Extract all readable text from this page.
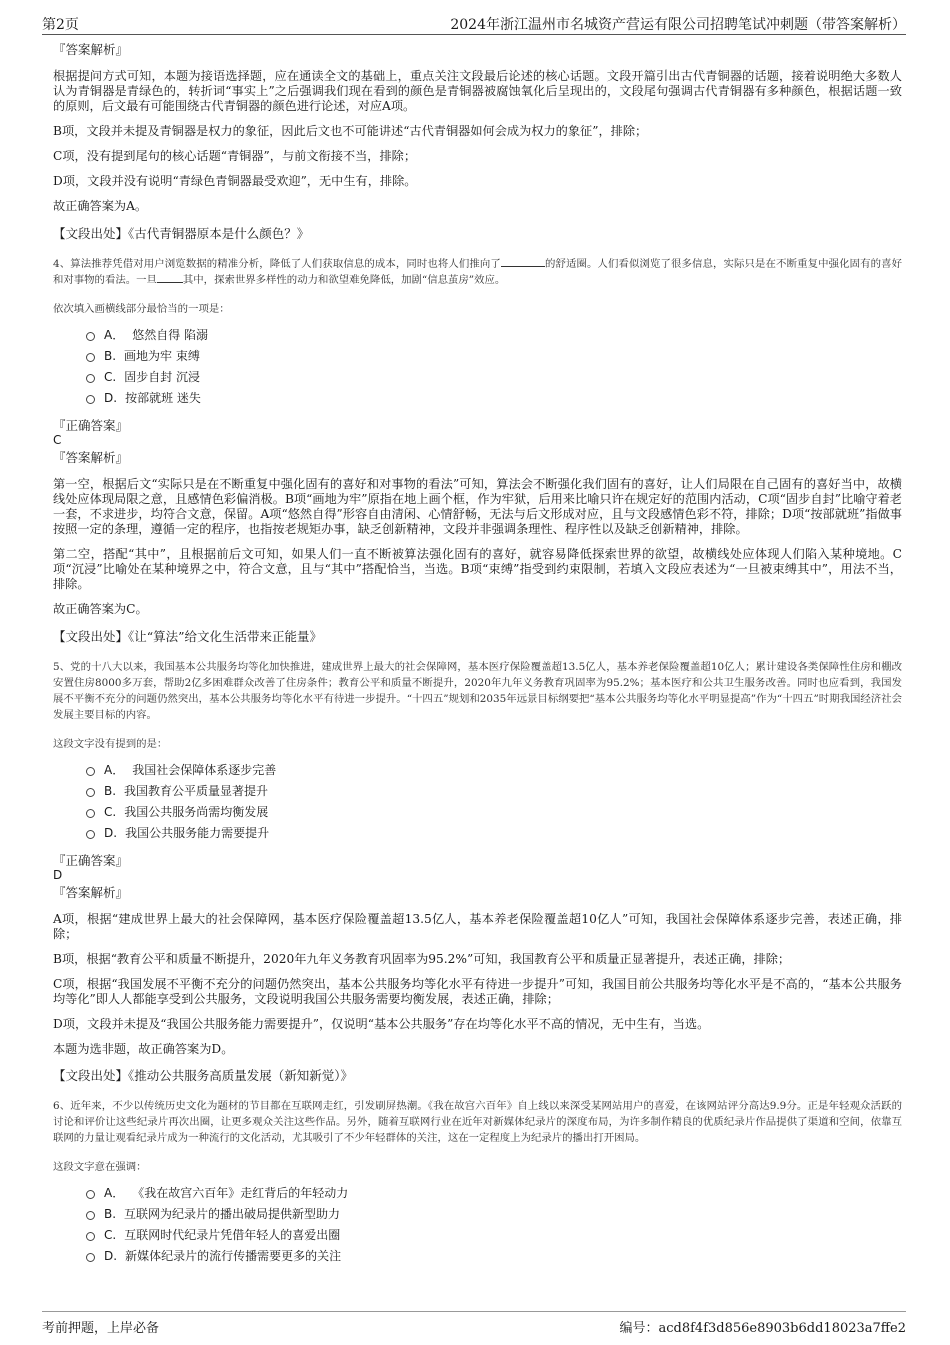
第2页	2024年浙江温州市名城资产营运有限公司招聘笔试冲刺题（带答案解析）

『答案解析』

根据提问方式可知，本题为接语选择题，应在通读全文的基础上，重点关注文段最后论述的核心话题。文段开篇引出古代青铜器的话题，接着说明绝大多数人认为青铜器是青绿色的，转折词“事实上”之后强调我们现在看到的颜色是青铜器被腐蚀氧化后呈现出的，文段尾句强调古代青铜器有多种颜色，根据话题一致的原则，后文最有可能围绕古代青铜器的颜色进行论述，对应A项。

B项，文段并未提及青铜器是权力的象征，因此后文也不可能讲述“古代青铜器如何会成为权力的象征”，排除；

C项，没有提到尾句的核心话题“青铜器”，与前文衔接不当，排除；

D项，文段并没有说明“青绿色青铜器最受欢迎”，无中生有，排除。

故正确答案为A。

【文段出处】《古代青铜器原本是什么颜色？》

4、算法推荐凭借对用户浏览数据的精准分析，降低了人们获取信息的成本，同时也将人们推向了	的舒适圈。人们看似浏览了很多信息，实际只是在不断重复中强化固有的喜好和对事物的看法。一旦	其中，探索世界多样性的动力和欲望难免降低，加剧“信息茧房”效应。

依次填入画横线部分最恰当的一项是：

A． 悠然自得 陷溺
B. 画地为牢 束缚
C. 固步自封 沉浸
D. 按部就班 迷失

『正确答案』

C

『答案解析』

第一空，根据后文“实际只是在不断重复中强化固有的喜好和对事物的看法”可知，算法会不断强化我们固有的喜好，让人们局限在自己固有的喜好当中，故横线处应体现局限之意，且感情色彩偏消极。B项“画地为牢”原指在地上画个框，作为牢狱，后用来比喻只许在规定好的范围内活动，C项“固步自封”比喻守着老一套，不求进步，均符合文意，保留。A项“悠然自得”形容自由清闲、心情舒畅，无法与后文形成对应，且与文段感情色彩不符，排除；D项“按部就班”指做事按照一定的条理，遵循一定的程序，也指按老规矩办事，缺乏创新精神，文段并非强调条理性、程序性以及缺乏创新精神，排除。

第二空，搭配“其中”，且根据前后文可知，如果人们一直不断被算法强化固有的喜好，就容易降低探索世界的欲望，故横线处应体现人们陷入某种境地。C项“沉浸”比喻处在某种境界之中，符合文意，且与“其中”搭配恰当，当选。B项“束缚”指受到约束限制，若填入文段应表述为“一旦被束缚其中”，用法不当，排除。

故正确答案为C。

【文段出处】《让“算法”给文化生活带来正能量》

5、党的十八大以来，我国基本公共服务均等化加快推进，建成世界上最大的社会保障网，基本医疗保险覆盖超13.5亿人，基本养老保险覆盖超10亿人；累计建设各类保障性住房和棚改安置住房8000多万套，帮助2亿多困难群众改善了住房条件；教育公平和质量不断提升，2020年九年义务教育巩固率为95.2%；基本医疗和公共卫生服务改善。同时也应看到，我国发展不平衡不充分的问题仍然突出，基本公共服务均等化水平有待进一步提升。“十四五”规划和2035年远景目标纲要把“基本公共服务均等化水平明显提高”作为“十四五”时期我国经济社会发展主要目标的内容。

这段文字没有提到的是：

A． 我国社会保障体系逐步完善
B. 我国教育公平质量显著提升
C. 我国公共服务尚需均衡发展
D. 我国公共服务能力需要提升

『正确答案』

D

『答案解析』

A项，根据“建成世界上最大的社会保障网，基本医疗保险覆盖超13.5亿人，基本养老保险覆盖超10亿人”可知，我国社会保障体系逐步完善，表述正确，排除；

B项，根据“教育公平和质量不断提升，2020年九年义务教育巩固率为95.2%”可知，我国教育公平和质量正显著提升，表述正确，排除；

C项，根据“我国发展不平衡不充分的问题仍然突出，基本公共服务均等化水平有待进一步提升”可知，我国目前公共服务均等化水平是不高的，“基本公共服务均等化”即人人都能享受到公共服务，文段说明我国公共服务需要均衡发展，表述正确，排除；

D项，文段并未提及“我国公共服务能力需要提升”，仅说明“基本公共服务”存在均等化水平不高的情况，无中生有，当选。

本题为选非题，故正确答案为D。

【文段出处】《推动公共服务高质量发展（新知新觉）》

6、近年来，不少以传统历史文化为题材的节目都在互联网走红，引发刷屏热潮。《我在故宫六百年》自上线以来深受某网站用户的喜爱，在该网站评分高达9.9分。正是年轻观众活跃的讨论和评价让这些纪录片再次出圈，让更多观众关注这些作品。另外，随着互联网行业在近年对新媒体纪录片的深度布局，为许多制作精良的优质纪录片作品提供了渠道和空间，依靠互联网的力量让观看纪录片成为一种流行的文化活动，尤其吸引了不少年轻群体的关注，这在一定程度上为纪录片的播出打开困局。

这段文字意在强调：

A． 《我在故宫六百年》走红背后的年轻动力
B. 互联网为纪录片的播出破局提供新型助力
C. 互联网时代纪录片凭借年轻人的喜爱出圈
D. 新媒体纪录片的流行传播需要更多的关注
考前押题，上岸必备	编号：acd8f4f3d856e8903b6dd18023a7ffe2
